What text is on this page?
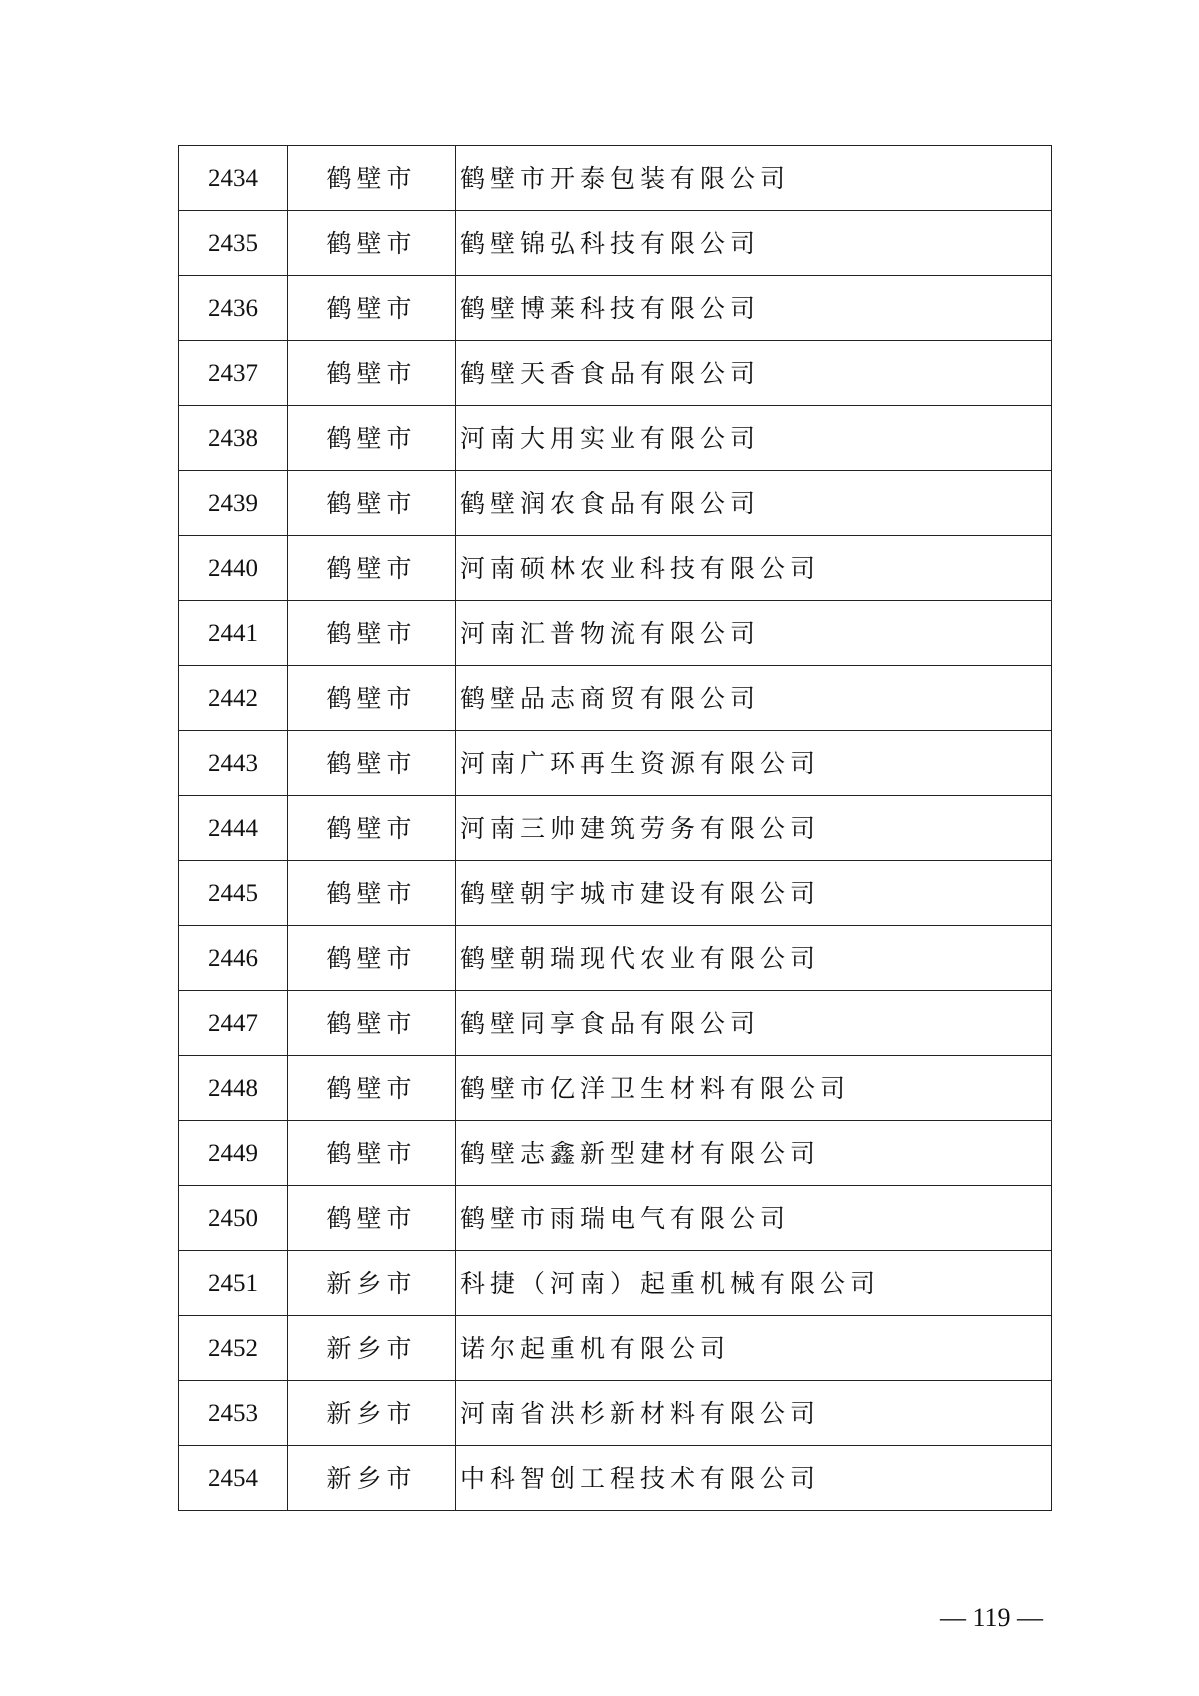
2434	鹤壁市	鹤壁市开泰包装有限公司
2435	鹤壁市	鹤壁锦弘科技有限公司
2436	鹤壁市	鹤壁博莱科技有限公司
2437	鹤壁市	鹤壁天香食品有限公司
2438	鹤壁市	河南大用实业有限公司
2439	鹤壁市	鹤壁润农食品有限公司
2440	鹤壁市	河南硕林农业科技有限公司
2441	鹤壁市	河南汇普物流有限公司
2442	鹤壁市	鹤壁品志商贸有限公司
2443	鹤壁市	河南广环再生资源有限公司
2444	鹤壁市	河南三帅建筑劳务有限公司
2445	鹤壁市	鹤壁朝宇城市建设有限公司
2446	鹤壁市	鹤壁朝瑞现代农业有限公司
2447	鹤壁市	鹤壁同享食品有限公司
2448	鹤壁市	鹤壁市亿洋卫生材料有限公司
2449	鹤壁市	鹤壁志鑫新型建材有限公司
2450	鹤壁市	鹤壁市雨瑞电气有限公司
2451	新乡市	科捷（河南）起重机械有限公司
2452	新乡市	诺尔起重机有限公司
2453	新乡市	河南省洪杉新材料有限公司
2454	新乡市	中科智创工程技术有限公司
— 119 —
